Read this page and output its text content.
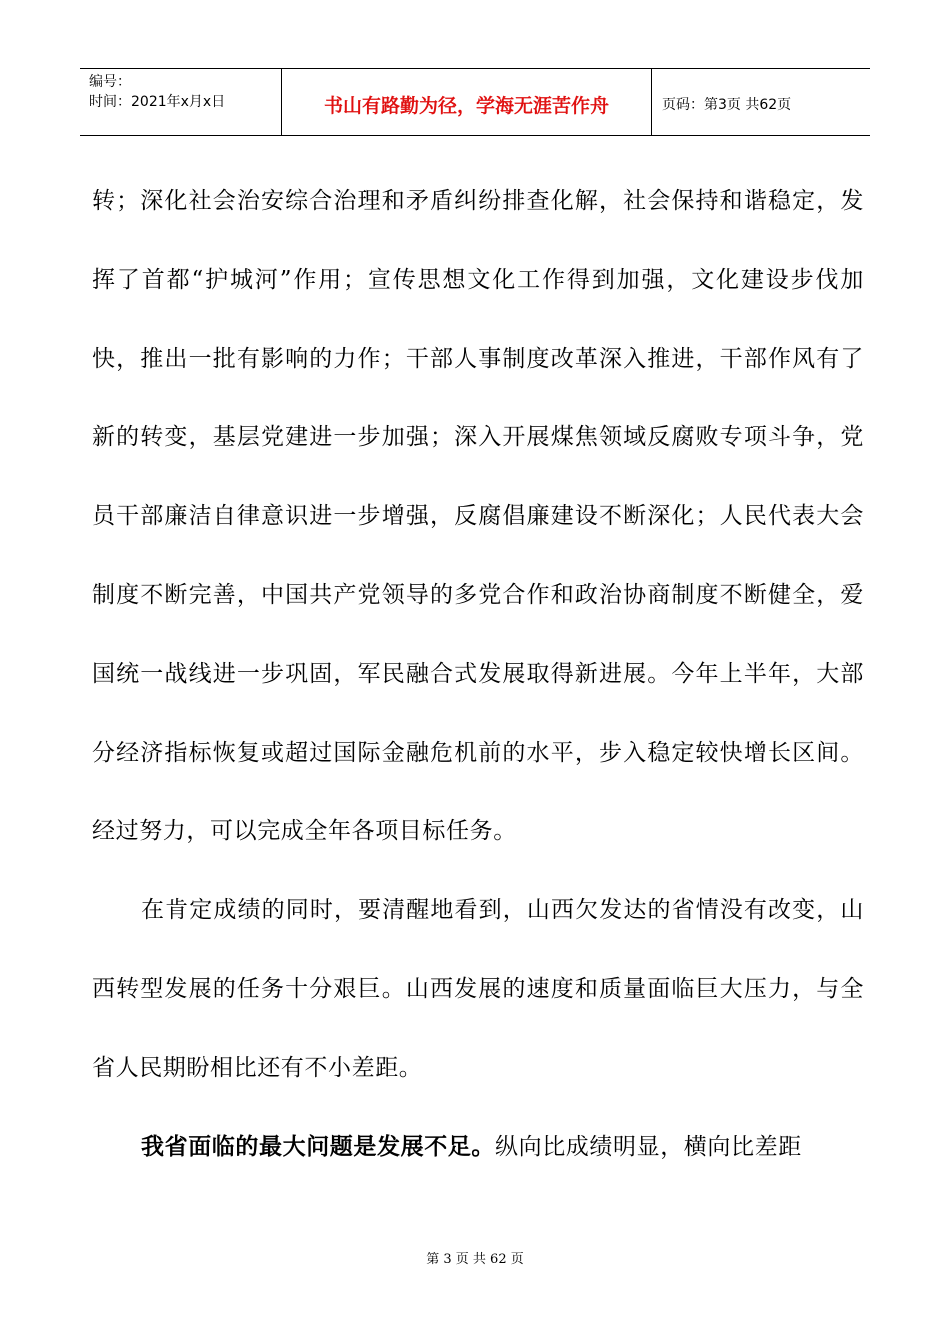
编号：
时间：2021年x月x日	书山有路勤为径，学海无涯苦作舟	页码：第3页 共62页

转；深化社会治安综合治理和矛盾纠纷排查化解，社会保持和谐稳定，发挥了首都“护城河”作用；宣传思想文化工作得到加强，文化建设步伐加快，推出一批有影响的力作；干部人事制度改革深入推进，干部作风有了新的转变，基层党建进一步加强；深入开展煤焦领域反腐败专项斗争，党员干部廉洁自律意识进一步增强，反腐倡廉建设不断深化；人民代表大会制度不断完善，中国共产党领导的多党合作和政治协商制度不断健全，爱国统一战线进一步巩固，军民融合式发展取得新进展。今年上半年，大部分经济指标恢复或超过国际金融危机前的水平，步入稳定较快增长区间。经过努力，可以完成全年各项目标任务。

在肯定成绩的同时，要清醒地看到，山西欠发达的省情没有改变，山西转型发展的任务十分艰巨。山西发展的速度和质量面临巨大压力，与全省人民期盼相比还有不小差距。

我省面临的最大问题是发展不足。纵向比成绩明显，横向比差距

第 3 页 共 62 页
